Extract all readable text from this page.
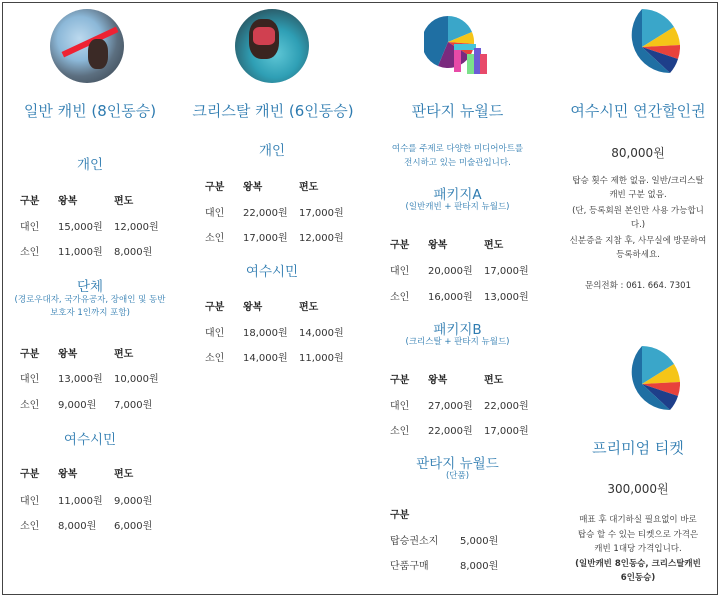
일반 캐빈 (8인동승)
개인
구분 왕복	편도
대인 15,000원 12,000원
소인 11,000원 8,000원
단체
(경로우대자, 국가유공자, 장애인 및 동반
보호자 1인까지 포함)
구분 왕복	편도
대인 13,000원 10,000원
소인 9,000원 7,000원
여수시민
구분 왕복	편도
대인 11,000원 9,000원
소인 8,000원 6,000원
크리스탈 캐빈 (6인동승)
개인
구분 왕복	편도
대인 22,000원 17,000원
소인 17,000원 12,000원
여수시민
구분 왕복	편도
대인 18,000원 14,000원
소인 14,000원 11,000원
판타지 뉴월드
여수를 주제로 다양한 미디어아트를
전시하고 있는 미술관입니다.
패키지A
(일반캐빈 + 판타지 뉴월드)
구분 왕복	편도
대인 20,000원 17,000원
소인 16,000원 13,000원
패키지B
(크리스탈 + 판타지 뉴월드)
구분 왕복	편도
대인 27,000원 22,000원
소인 22,000원 17,000원
판타지 뉴월드
(단품)
구분
탑승권소지 5,000원
단품구매	8,000원
여수시민 연간할인권
80,000원
탑승 횟수 제한 없음. 일반/크리스탈
캐빈 구분 없음.
(단, 등록회원 본인만 사용 가능합니
다.)
신분증을 지참 후, 사무실에 방문하여
등록하세요.
문의전화 : 061. 664. 7301
프리미엄 티켓
300,000원
매표 후 대기하실 필요없이 바로
탑승 할 수 있는 티켓으로 가격은
캐빈 1대당 가격입니다.
(일반캐빈 8인동승, 크리스탈캐빈
6인동승)
